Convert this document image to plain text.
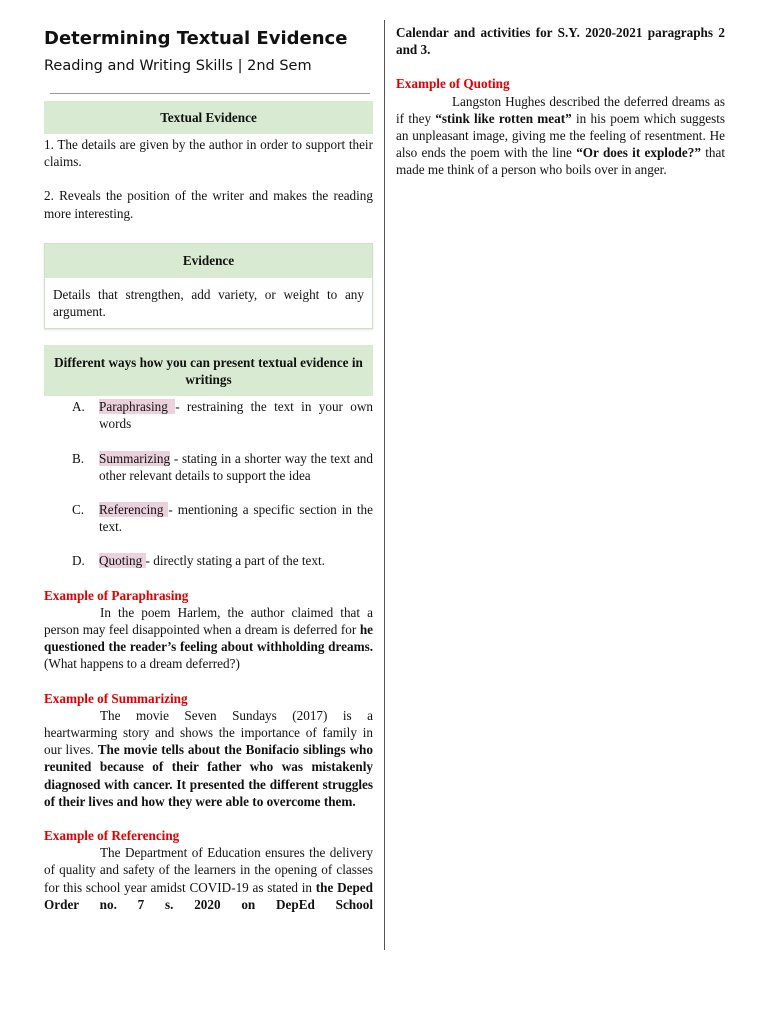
Determining Textual Evidence
Reading and Writing Skills | 2nd Sem
Textual Evidence

1. The details are given by the author in order to support their claims.

2. Reveals the position of the writer and makes the reading more interesting.

Evidence
Details that strengthen, add variety, or weight to any argument.
Different ways how you can present textual evidence in writings
A.	Paraphrasing - restraining the text in your own words
B.	Summarizing - stating in a shorter way the text and other relevant details to support the idea
C.	Referencing - mentioning a specific section in the text.
D.	Quoting - directly stating a part of the text.

Example of Paraphrasing

In the poem Harlem, the author claimed that a person may feel disappointed when a dream is deferred for he questioned the reader’s feeling about withholding dreams. (What happens to a dream deferred?)

Example of Summarizing

The movie Seven Sundays (2017) is a heartwarming story and shows the importance of family in our lives. The movie tells about the Bonifacio siblings who reunited because of their father who was mistakenly diagnosed with cancer. It presented the different struggles of their lives and how they were able to overcome them.

Example of Referencing

The Department of Education ensures the delivery of quality and safety of the learners in the opening of classes for this school year amidst COVID-19 as stated in the Deped Order no. 7 s. 2020 on DepEd School

Calendar and activities for S.Y. 2020-2021 paragraphs 2 and 3.

Example of Quoting

Langston Hughes described the deferred dreams as if they “stink like rotten meat” in his poem which suggests an unpleasant image, giving me the feeling of resentment. He also ends the poem with the line “Or does it explode?” that made me think of a person who boils over in anger.
